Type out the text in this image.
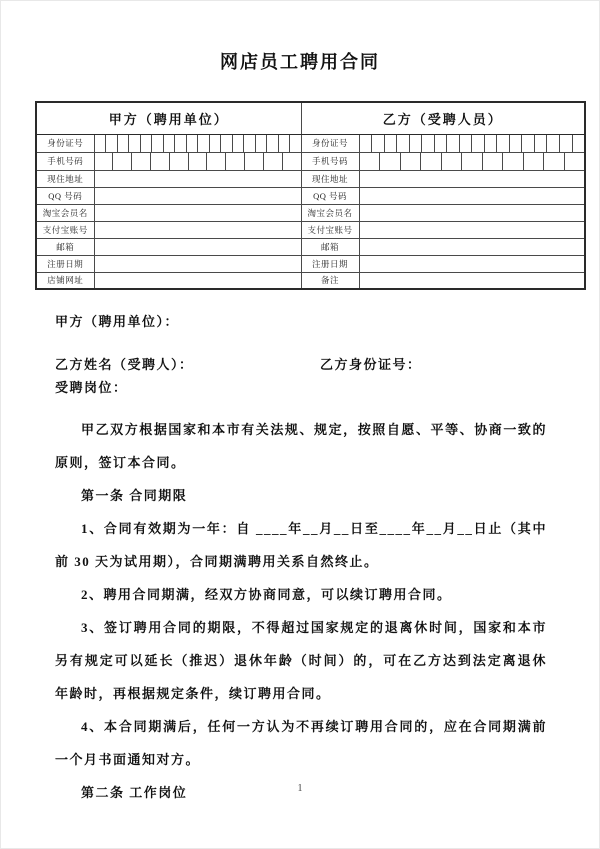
网店员工聘用合同
甲方（聘用单位）		乙方（受聘人员）	
身份证号		身份证号	

手机号码		手机号码	

现住地址		现住地址	
QQ 号码		QQ 号码	
淘宝会员名		淘宝会员名	
支付宝账号		支付宝账号	
邮箱		邮箱	
注册日期		注册日期	
店铺网址		备注	
甲方（聘用单位）：
乙方姓名（受聘人）：	乙方身份证号：
受聘岗位：

甲乙双方根据国家和本市有关法规、规定，按照自愿、平等、协商一致的原则，签订本合同。

第一条 合同期限

1、合同有效期为一年：自 ____年__月__日至____年__月__日止（其中前 30 天为试用期），合同期满聘用关系自然终止。

2、聘用合同期满，经双方协商同意，可以续订聘用合同。

3、签订聘用合同的期限，不得超过国家规定的退离休时间，国家和本市另有规定可以延长（推迟）退休年龄（时间）的，可在乙方达到法定离退休年龄时，再根据规定条件，续订聘用合同。

4、本合同期满后，任何一方认为不再续订聘用合同的，应在合同期满前一个月书面通知对方。

第二条 工作岗位	1
